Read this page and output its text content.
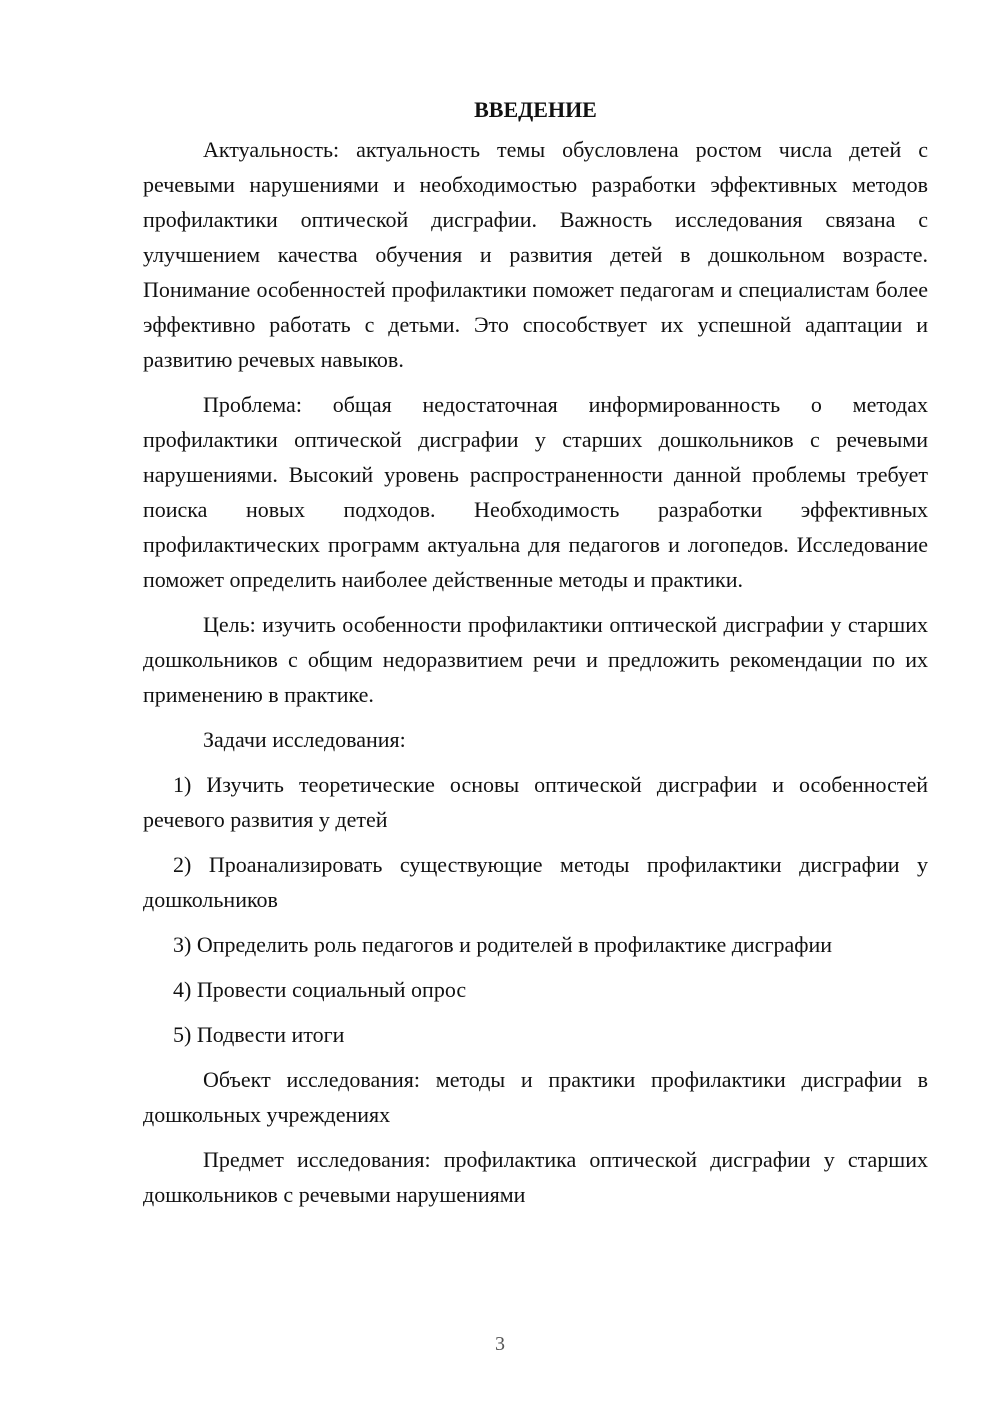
ВВЕДЕНИЕ

Актуальность: актуальность темы обусловлена ростом числа детей с речевыми нарушениями и необходимостью разработки эффективных методов профилактики оптической дисграфии. Важность исследования связана с улучшением качества обучения и развития детей в дошкольном возрасте. Понимание особенностей профилактики поможет педагогам и специалистам более эффективно работать с детьми. Это способствует их успешной адаптации и развитию речевых навыков.

Проблема: общая недостаточная информированность о методах профилактики оптической дисграфии у старших дошкольников с речевыми нарушениями. Высокий уровень распространенности данной проблемы требует поиска новых подходов. Необходимость разработки эффективных профилактических программ актуальна для педагогов и логопедов. Исследование поможет определить наиболее действенные методы и практики.

Цель: изучить особенности профилактики оптической дисграфии у старших дошкольников с общим недоразвитием речи и предложить рекомендации по их применению в практике.

Задачи исследования:

1) Изучить теоретические основы оптической дисграфии и особенностей речевого развития у детей

2) Проанализировать существующие методы профилактики дисграфии у дошкольников

3) Определить роль педагогов и родителей в профилактике дисграфии

4) Провести социальный опрос

5) Подвести итоги

Объект исследования: методы и практики профилактики дисграфии в дошкольных учреждениях

Предмет исследования: профилактика оптической дисграфии у старших дошкольников с речевыми нарушениями

3
